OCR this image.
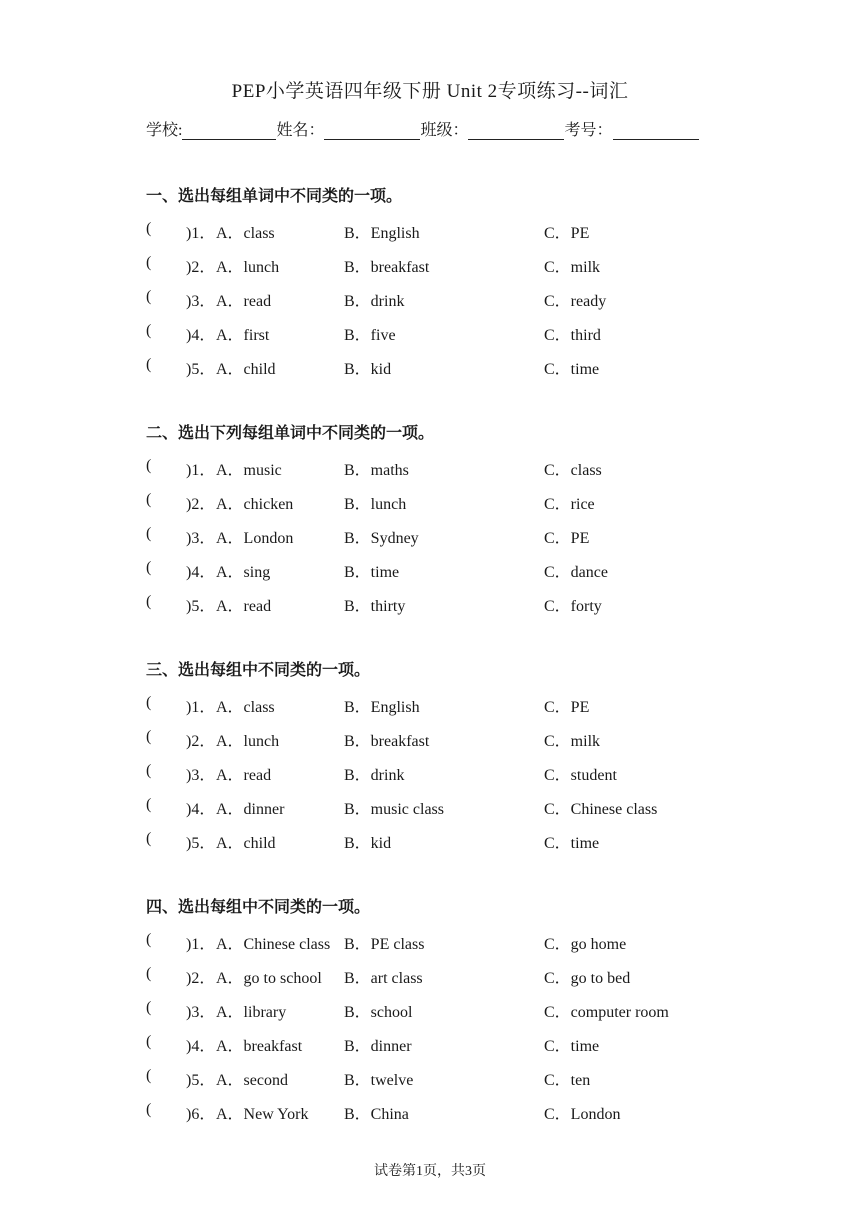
PEP小学英语四年级下册 Unit 2专项练习--词汇
学校:	姓名：	班级：	考号：
一、选出每组单词中不同类的一项。
( )1． A．class	B．English	C．PE
( )2． A．lunch	B．breakfast	C．milk
( )3． A．read	B．drink	C．ready
( )4． A．first	B．five	C．third
( )5． A．child	B．kid	C．time
二、选出下列每组单词中不同类的一项。
( )1． A．music	B．maths	C．class
( )2． A．chicken	B．lunch	C．rice
( )3． A．London	B．Sydney	C．PE
( )4． A．sing	B．time	C．dance
( )5． A．read	B．thirty	C．forty
三、选出每组中不同类的一项。
( )1． A．class	B．English	C．PE
( )2． A．lunch	B．breakfast	C．milk
( )3． A．read	B．drink	C．student
( )4． A．dinner	B．music class	C．Chinese class
( )5． A．child	B．kid	C．time
四、选出每组中不同类的一项。
( )1． A．Chinese class B．PE class	C．go home
( )2． A．go to school B．art class	C．go to bed
( )3． A．library	B．school	C．computer room
( )4． A．breakfast	B．dinner	C．time
( )5． A．second	B．twelve	C．ten
( )6． A．New York B．China	C．London
试卷第1页，共3页
